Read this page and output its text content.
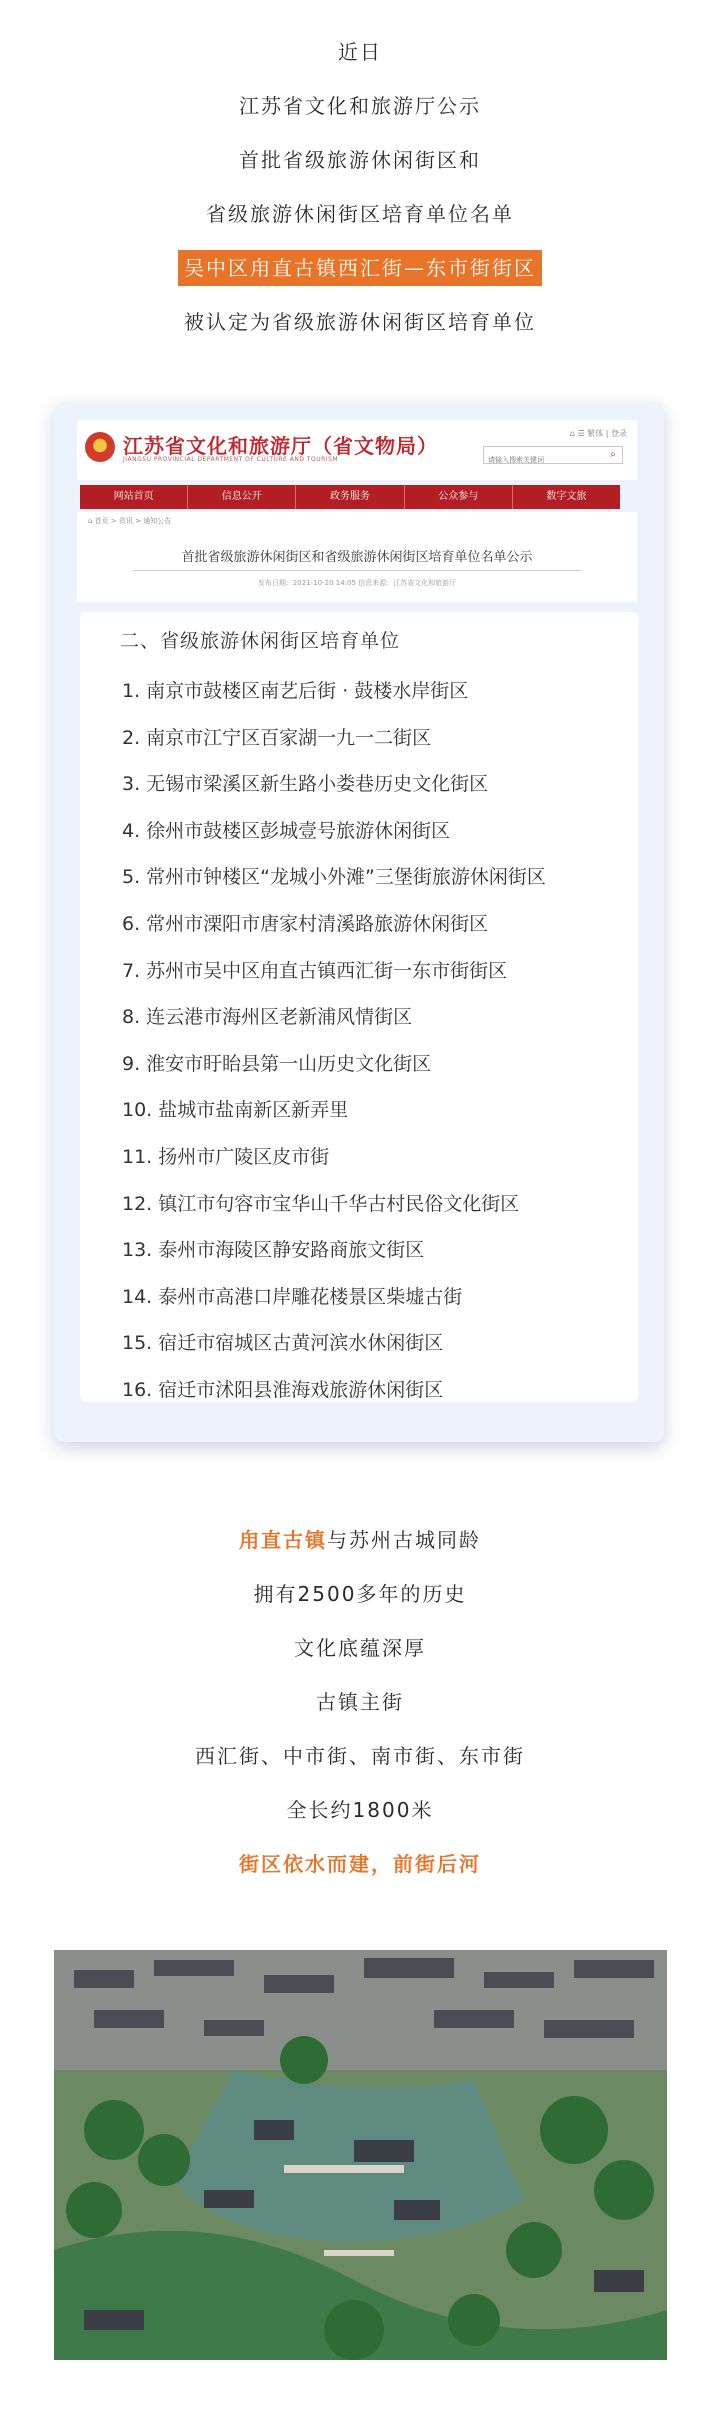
近日
江苏省文化和旅游厅公示
首批省级旅游休闲街区和
省级旅游休闲街区培育单位名单
吴中区甪直古镇西汇街—东市街街区
被认定为省级旅游休闲街区培育单位
江苏省文化和旅游厅（省文物局）
JIANGSU PROVINCIAL DEPARTMENT OF CULTURE AND TOURISM
⌂ ☰ 繁体 | 登录
请输入搜索关键词
⌕
网站首页	信息公开	政务服务	公众参与	数字文旅
首批省级旅游休闲街区和省级旅游休闲街区培育单位名单公示
发布日期：2021-10-20 14:05 信息来源：江苏省文化和旅游厅
⌂ 首页 > 资讯 > 通知公告
二、省级旅游休闲街区培育单位
1. 南京市鼓楼区南艺后街 · 鼓楼水岸街区
2. 南京市江宁区百家湖一九一二街区
3. 无锡市梁溪区新生路小娄巷历史文化街区
4. 徐州市鼓楼区彭城壹号旅游休闲街区
5. 常州市钟楼区“龙城小外滩”三堡街旅游休闲街区
6. 常州市溧阳市唐家村清溪路旅游休闲街区
7. 苏州市吴中区甪直古镇西汇街一东市街街区
8. 连云港市海州区老新浦风情街区
9. 淮安市盱眙县第一山历史文化街区
10. 盐城市盐南新区新弄里
11. 扬州市广陵区皮市街
12. 镇江市句容市宝华山千华古村民俗文化街区
13. 泰州市海陵区静安路商旅文街区
14. 泰州市高港口岸雕花楼景区柴墟古街
15. 宿迁市宿城区古黄河滨水休闲街区
16. 宿迁市沭阳县淮海戏旅游休闲街区
甪直古镇与苏州古城同龄
拥有2500多年的历史
文化底蕴深厚
古镇主街
西汇街、中市街、南市街、东市街
全长约1800米
街区依水而建，前街后河
